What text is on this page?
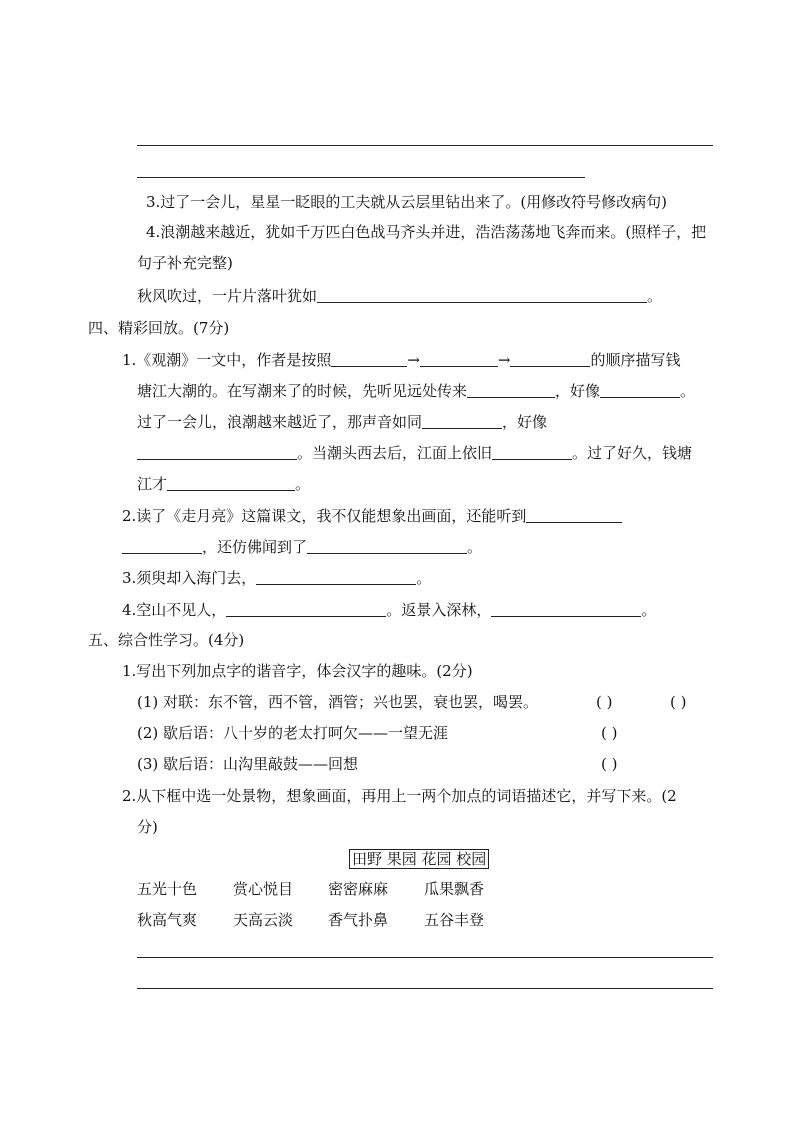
3.过了一会儿，星星一眨眼的工夫就从云层里钻出来了。(用修改符号修改病句)
4.浪潮越来越近，犹如千万匹白色战马齐头并进，浩浩荡荡地飞奔而来。(照样子，把
句子补充完整)
秋风吹过，一片片落叶犹如	。
四、精彩回放。(7分)
1.《观潮》一文中，作者是按照	→	→	的顺序描写钱
塘江大潮的。在写潮来了的时候，先听见远处传来	，好像	。
过了一会儿，浪潮越来越近了，那声音如同	，好像
。当潮头西去后，江面上依旧	。过了好久，钱塘
江才	。
2.读了《走月亮》这篇课文，我不仅能想象出画面，还能听到
，还仿佛闻到了	。
3.须臾却入海门去，	。
4.空山不见人，	。返景入深林，	。
五、综合性学习。(4分)
1.写出下列加点字的谐音字，体会汉字的趣味。(2分)
(1) 对联：东不管，西不管，酒管；兴也罢，衰也罢，喝罢。	( )	( )
(2) 歇后语：八十岁的老太打呵欠——一望无涯	( )
(3) 歇后语：山沟里敲鼓——回想	( )
2.从下框中选一处景物，想象画面，再用上一两个加点的词语描述它，并写下来。(2
分)
田野 果园 花园 校园
五光十色 赏心悦目 密密麻麻 瓜果飘香
秋高气爽 天高云淡 香气扑鼻 五谷丰登
